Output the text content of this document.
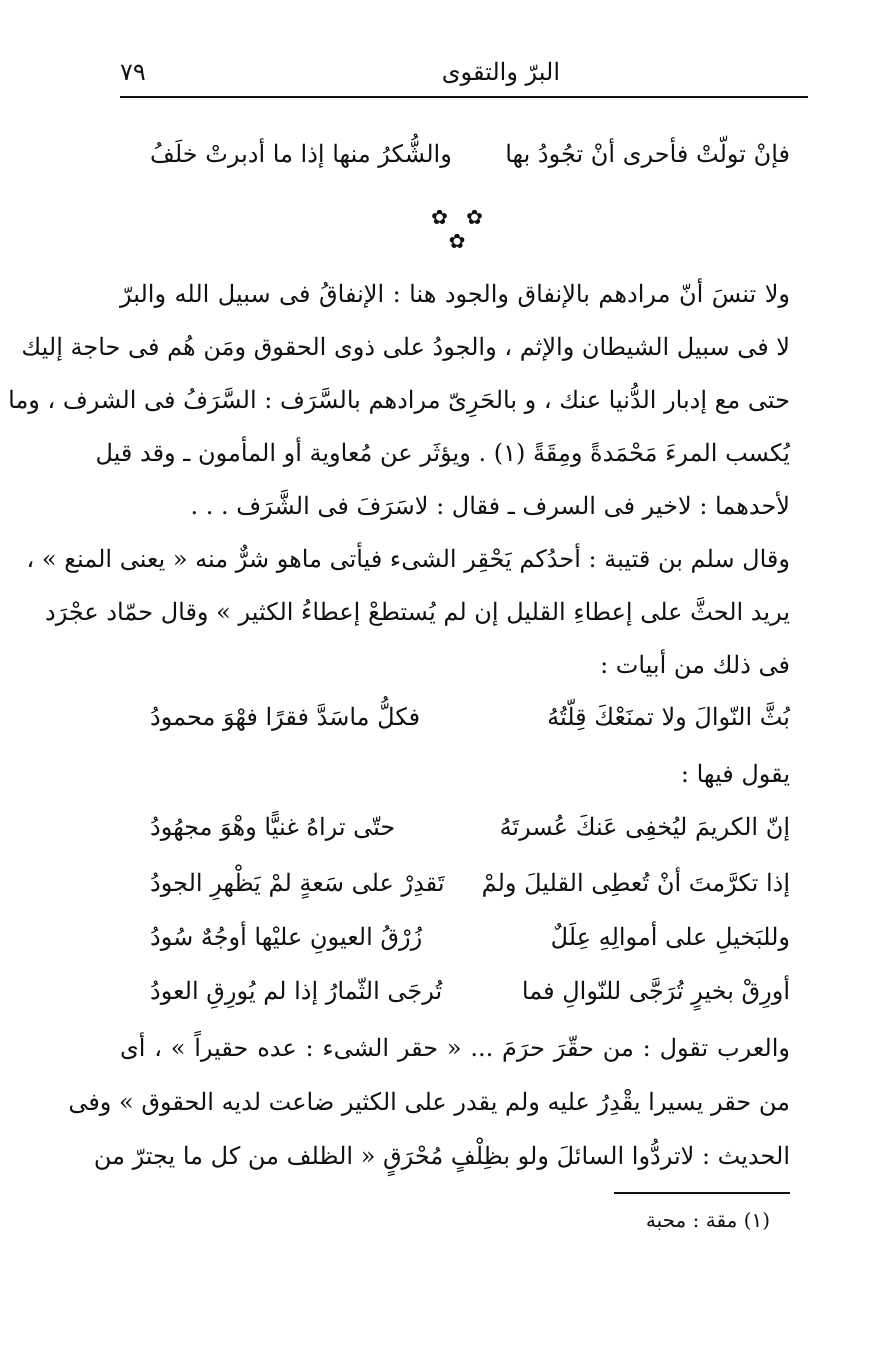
٧٩	البرّ والتقوى
فإنْ تولّتْ فأحرى أنْ تجُودُ بها
والشُّكرُ منها إذا ما أدبرتْ خلَفُ
✿ ✿ ✿
ولا تنسَ أنّ مرادهم بالإنفاق والجود هنا : الإنفاقُ فى سبيل الله والبرّ
لا فى سبيل الشيطان والإثم ، والجودُ على ذوى الحقوق ومَن هُم فى حاجة إليك
حتى مع إدبار الدُّنيا عنك ، و بالحَرِىّ مرادهم بالسَّرَف : السَّرَفُ فى الشرف ، وما
يُكسب المرءَ مَحْمَدةً ومِقَةً (١) . ويؤثَر عن مُعاوية أو المأمون ـ وقد قيل
لأحدهما : لاخير فى السرف ـ فقال : لاسَرَفَ فى الشَّرَف . . .
وقال سلم بن قتيبة : أحدُكم يَحْقِر الشىء فيأتى ماهو شرٌّ منه « يعنى المنع » ،
يريد الحثَّ على إعطاءِ القليل إن لم يُستطعْ إعطاءُ الكثير » وقال حمّاد عجْرَد
فى ذلك من أبيات :
بُثَّ النّوالَ ولا تمنَعْكَ قِلّتُهُ
فكلُّ ماسَدَّ فقرًا فهْوَ محمودُ
يقول فيها :
إنّ الكريمَ ليُخفِى عَنكَ عُسرتَهُ
حتّى تراهُ غنيًّا وهْوَ مجهُودُ
إذا تكرَّمتَ أنْ تُعطِى القليلَ ولمْ
تَقدِرْ على سَعةٍ لمْ يَظْهرِ الجودُ
وللبَخيلِ على أموالِهِ عِلَلٌ
زُرْقُ العيونِ عليْها أوجُهٌ سُودُ
أورِقْ بخيرٍ تُرَجَّى للنّوالِ فما
تُرجَى الثّمارُ إذا لم يُورِقِ العودُ
والعرب تقول : من حقّرَ حرَمَ ... « حقر الشىء : عده حقيراً » ، أى
من حقر يسيرا يقْدِرُ عليه ولم يقدر على الكثير ضاعت لديه الحقوق » وفى
الحديث : لاتردُّوا السائلَ ولو بظِلْفٍ مُحْرَقٍ « الظلف من كل ما يجترّ من
(١) مقة : محبة
